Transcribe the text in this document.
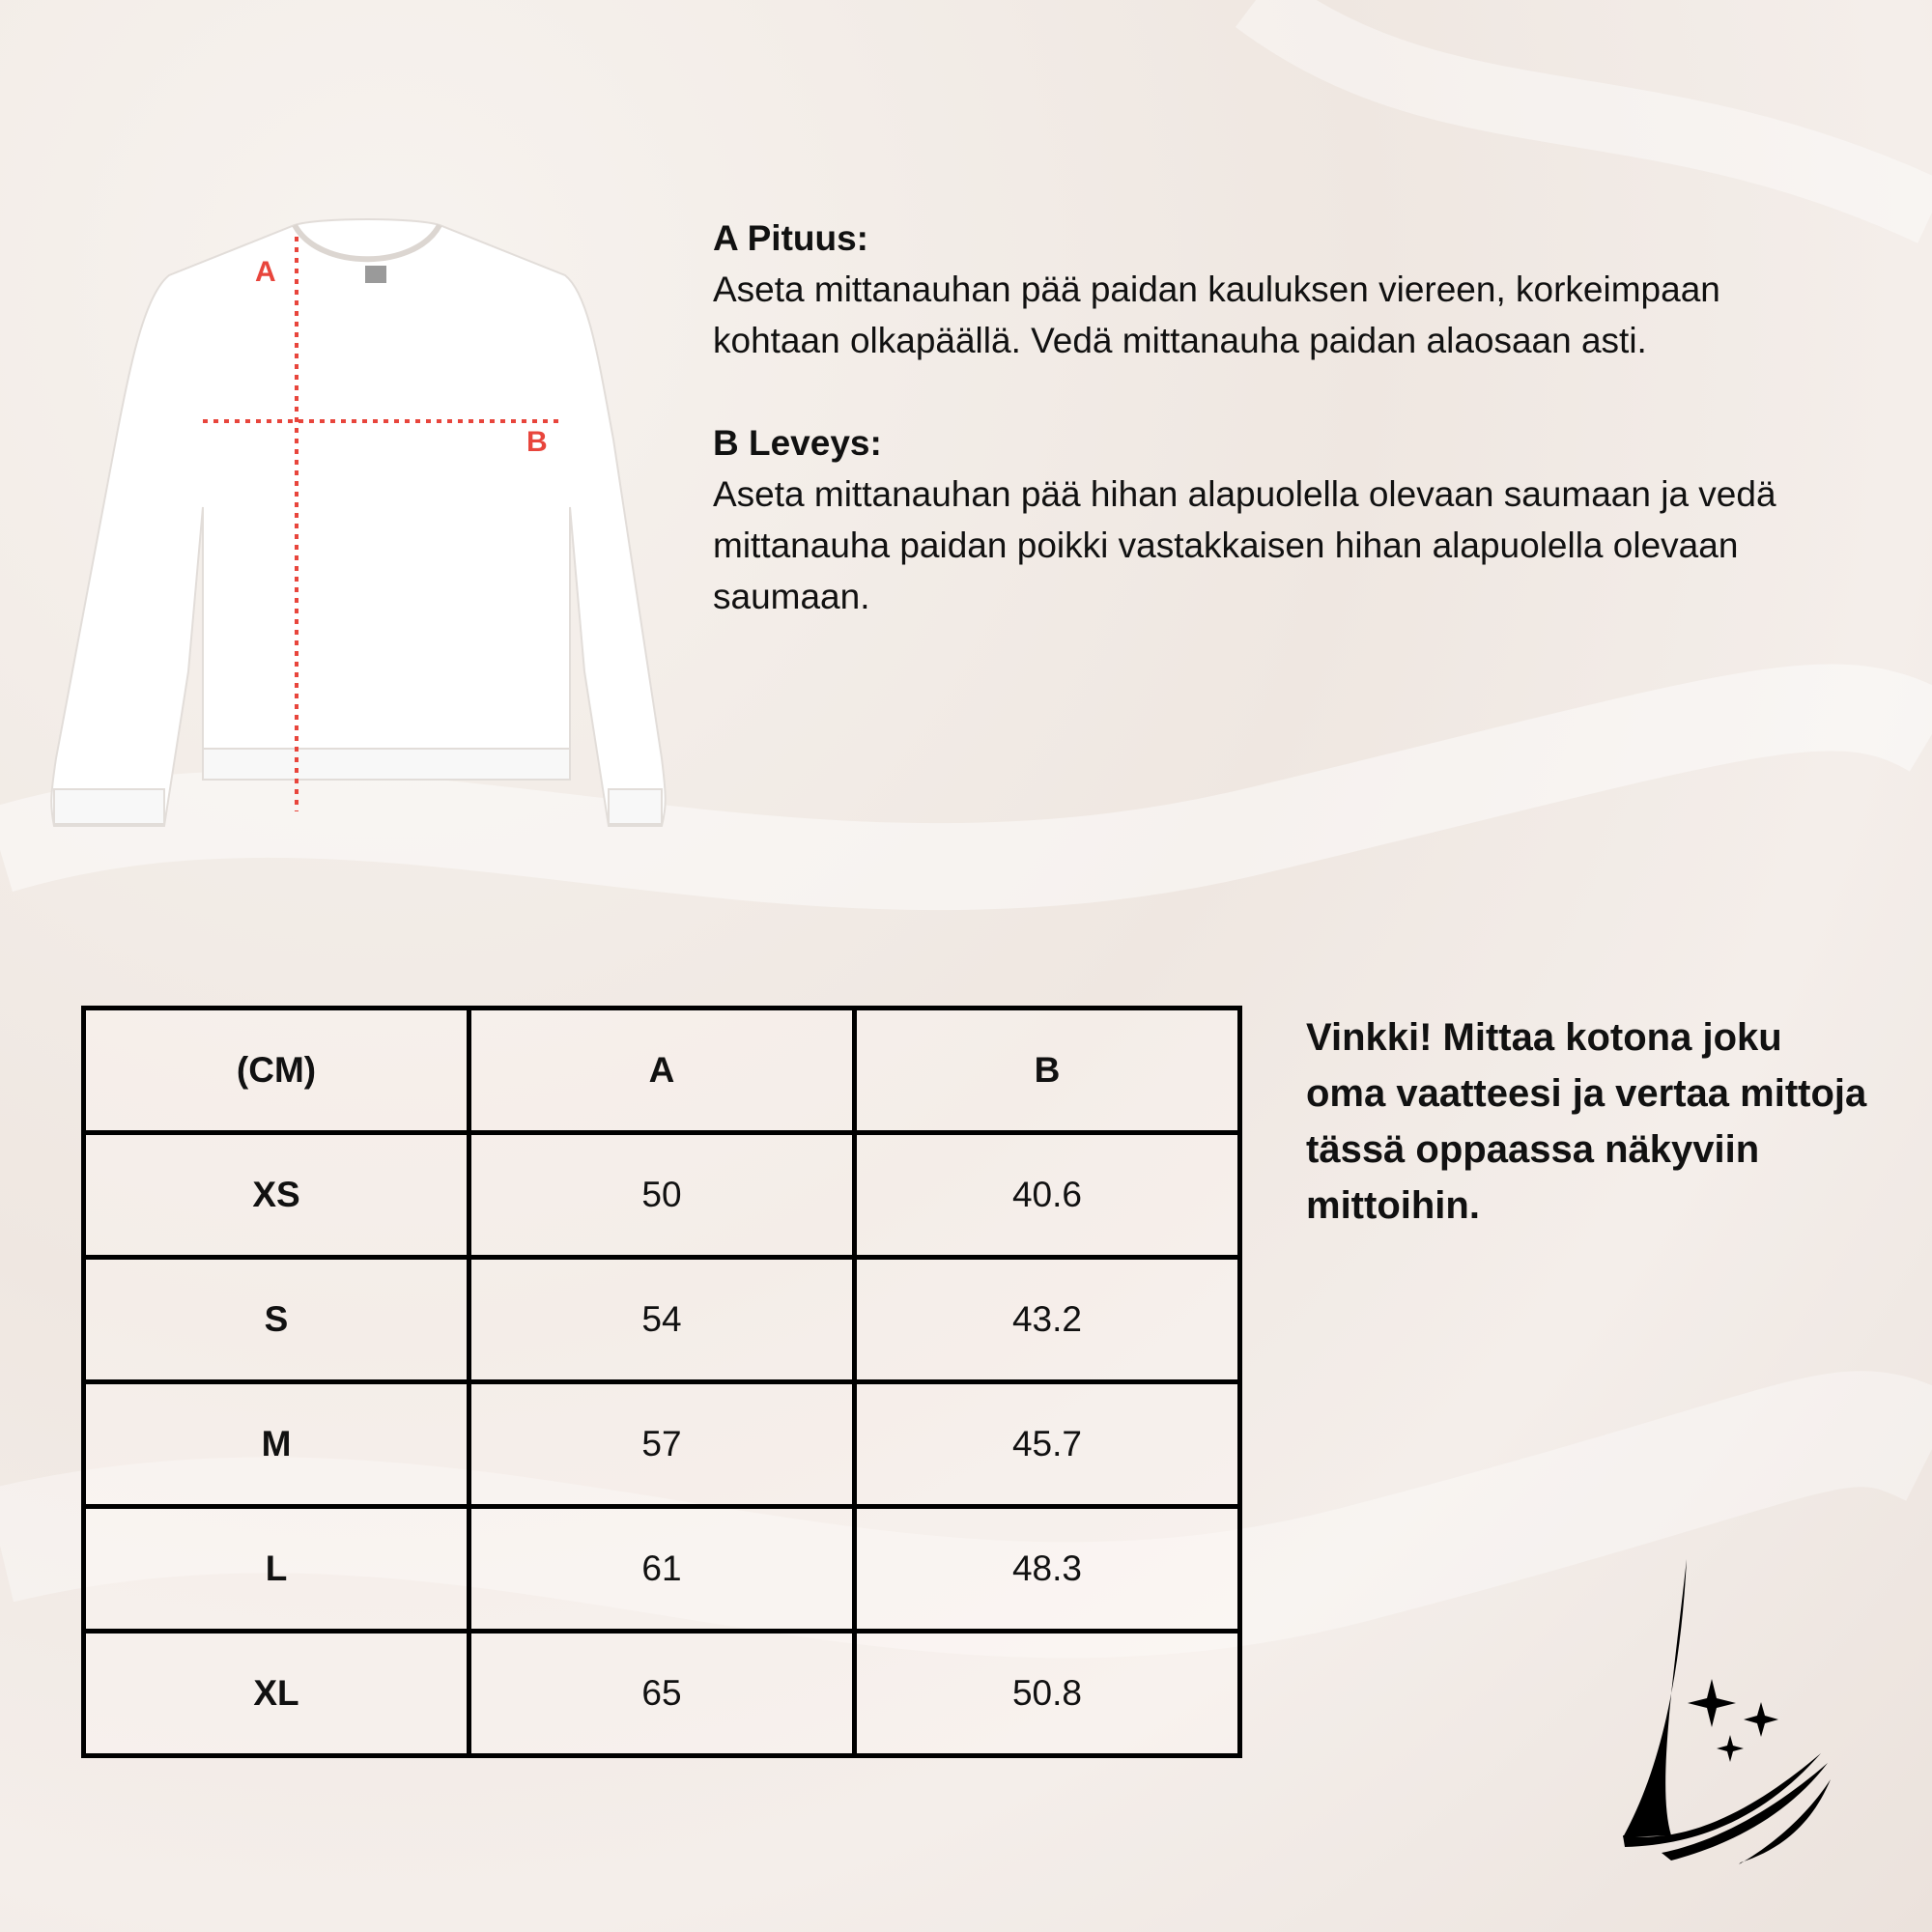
A
B
A Pituus:
Aseta mittanauhan pää paidan kauluksen viereen, korkeimpaan
kohtaan olkapäällä. Vedä mittanauha paidan alaosaan asti.
B Leveys:
Aseta mittanauhan pää hihan alapuolella olevaan saumaan ja vedä
mittanauha paidan poikki vastakkaisen hihan alapuolella olevaan
saumaan.
(CM)	A	B
XS	50	40.6
S	54	43.2
M	57	45.7
L	61	48.3
XL	65	50.8
Vinkki! Mittaa kotona joku
oma vaatteesi ja vertaa mittoja
tässä oppaassa näkyviin
mittoihin.
